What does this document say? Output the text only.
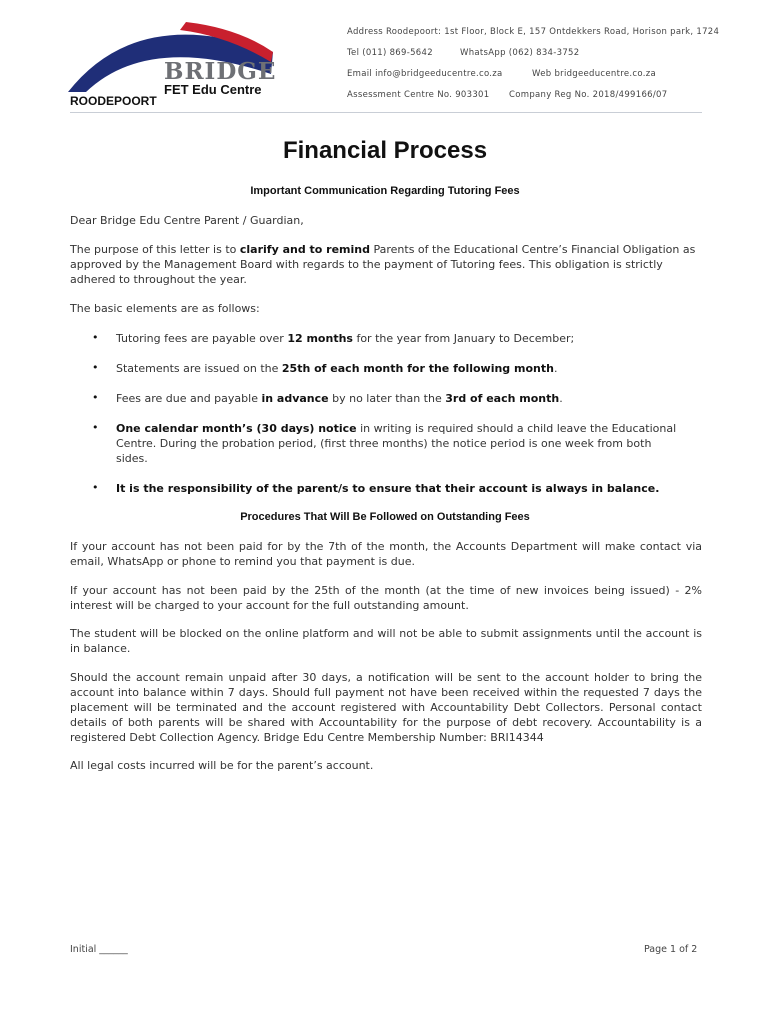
BRIDGE
FET Edu Centre
ROODEPOORT
Address Roodepoort: 1st Floor, Block E, 157 Ontdekkers Road, Horison park, 1724
Tel (011) 869-5642	WhatsApp (062) 834-3752
Email info@bridgeeducentre.co.za	Web bridgeeducentre.co.za
Assessment Centre No. 903301 Company Reg No. 2018/499166/07
Financial Process
Important Communication Regarding Tutoring Fees
Dear Bridge Edu Centre Parent / Guardian,
The purpose of this letter is to clarify and to remind Parents of the Educational Centre’s Financial Obligation as approved by the Management Board with regards to the payment of Tutoring fees. This obligation is strictly adhered to throughout the year.
The basic elements are as follows:
• Tutoring fees are payable over 12 months for the year from January to December;
• Statements are issued on the 25th of each month for the following month.
• Fees are due and payable in advance by no later than the 3rd of each month.
• One calendar month’s (30 days) notice in writing is required should a child leave the Educational Centre. During the probation period, (first three months) the notice period is one week from both sides.
• It is the responsibility of the parent/s to ensure that their account is always in balance.
Procedures That Will Be Followed on Outstanding Fees
If your account has not been paid for by the 7th of the month, the Accounts Department will make contact via email, WhatsApp or phone to remind you that payment is due.
If your account has not been paid by the 25th of the month (at the time of new invoices being issued) - 2% interest will be charged to your account for the full outstanding amount.
The student will be blocked on the online platform and will not be able to submit assignments until the account is in balance.
Should the account remain unpaid after 30 days, a notification will be sent to the account holder to bring the account into balance within 7 days. Should full payment not have been received within the requested 7 days the placement will be terminated and the account registered with Accountability Debt Collectors. Personal contact details of both parents will be shared with Accountability for the purpose of debt recovery. Accountability is a registered Debt Collection Agency. Bridge Edu Centre Membership Number: BRI14344
All legal costs incurred will be for the parent’s account.
Initial ______	Page 1 of 2
